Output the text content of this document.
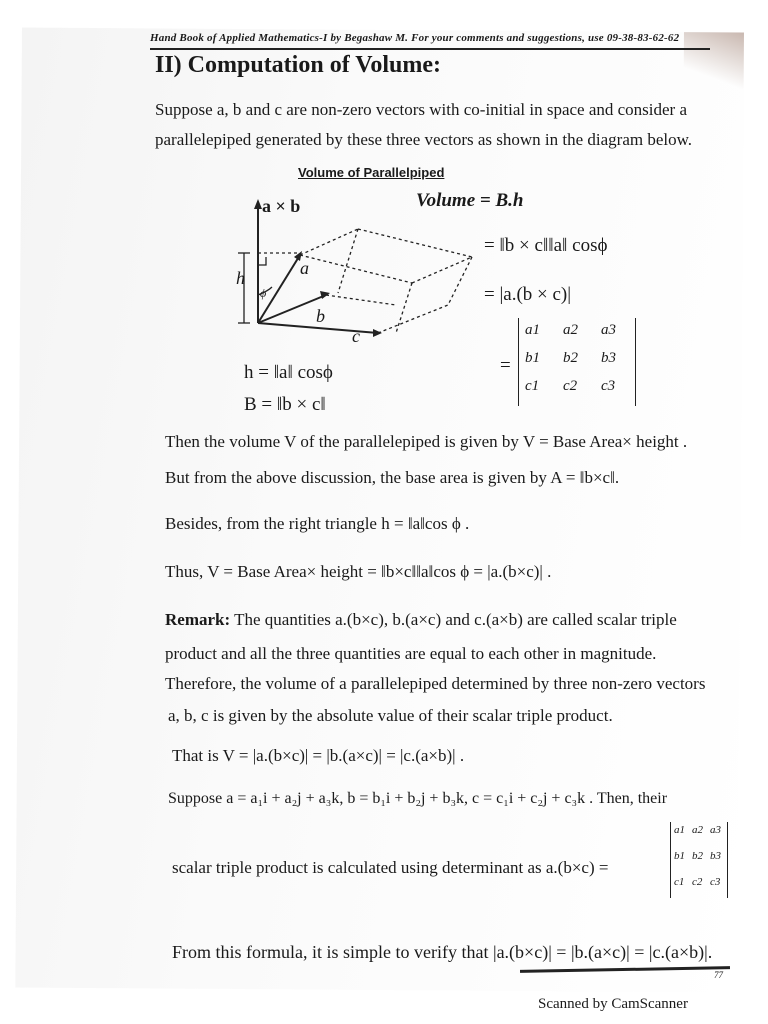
Hand Book of Applied Mathematics-I by Begashaw M. For your comments and suggestions, use 09-38-83-62-62
II) Computation of Volume:
Suppose a, b and c are non-zero vectors with co-initial in space and consider a
parallelepiped generated by these three vectors as shown in the diagram below.
Volume of Parallelpiped
a × b
h
ϕ
a
b
c
Volume = B.h
= ‖b × c‖‖a‖ cosϕ
= |a.(b × c)|
=
a1 a2 a3
b1 b2 b3
c1 c2 c3
h = ‖a‖ cosϕ
B = ‖b × c‖
Then the volume V of the parallelepiped is given by V = Base Area× height .
But from the above discussion, the base area is given by A = ‖b×c‖.
Besides, from the right triangle h = ‖a‖cos ϕ .
Thus, V = Base Area× height = ‖b×c‖‖a‖cos ϕ = |a.(b×c)| .
Remark: The quantities a.(b×c), b.(a×c) and c.(a×b) are called scalar triple
product and all the three quantities are equal to each other in magnitude.
Therefore, the volume of a parallelepiped determined by three non-zero vectors
a, b, c is given by the absolute value of their scalar triple product.
That is V = |a.(b×c)| = |b.(a×c)| = |c.(a×b)| .
Suppose a = a₁i + a₂j + a₃k, b = b₁i + b₂j + b₃k, c = c₁i + c₂j + c₃k . Then, their
scalar triple product is calculated using determinant as a.(b×c) =
a1 a2 a3
b1 b2 b3
c1 c2 c3
From this formula, it is simple to verify that |a.(b×c)| = |b.(a×c)| = |c.(a×b)|.
77
Scanned by CamScanner
